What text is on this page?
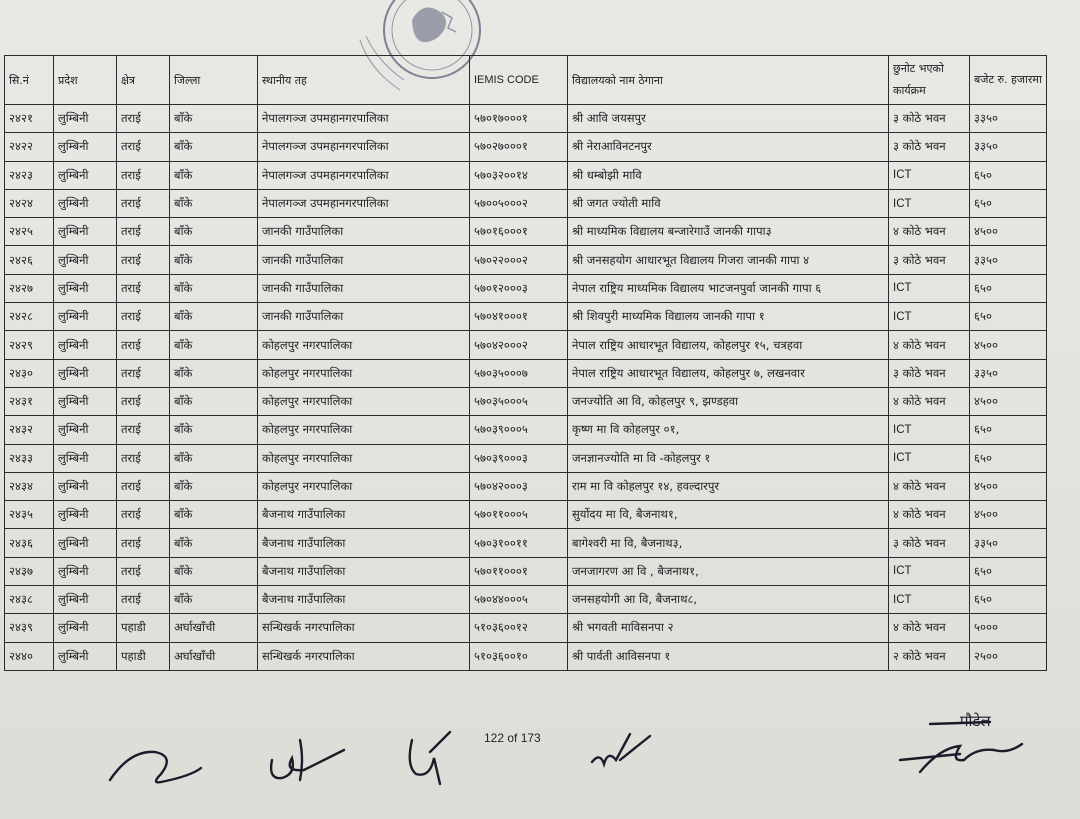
सि.नं	प्रदेश	क्षेत्र	जिल्ला	स्थानीय तह	IEMIS CODE	विद्यालयको नाम ठेगाना	छुनोट भएको कार्यक्रम	बजेट रु. हजारमा
२४२१	लुम्बिनी	तराई	बाँके	नेपालगञ्ज उपमहानगरपालिका	५७०१७०००१	श्री आवि जयसपुर	३ कोठे भवन	३३५०
२४२२	लुम्बिनी	तराई	बाँके	नेपालगञ्ज उपमहानगरपालिका	५७०२७०००१	श्री नेराआविनटनपुर	३ कोठे भवन	३३५०
२४२३	लुम्बिनी	तराई	बाँके	नेपालगञ्ज उपमहानगरपालिका	५७०३२००१४	श्री धम्बोझी मावि	ICT	६५०
२४२४	लुम्बिनी	तराई	बाँके	नेपालगञ्ज उपमहानगरपालिका	५७००५०००२	श्री जगत ज्योती मावि	ICT	६५०
२४२५	लुम्बिनी	तराई	बाँके	जानकी गाउँपालिका	५७०१६०००१	श्री माध्यमिक विद्यालय बन्जारेगाउँ जानकी गापा३	४ कोठे भवन	४५००
२४२६	लुम्बिनी	तराई	बाँके	जानकी गाउँपालिका	५७०२२०००२	श्री जनसहयोग आधारभूत विद्यालय गिजरा जानकी गापा ४	३ कोठे भवन	३३५०
२४२७	लुम्बिनी	तराई	बाँके	जानकी गाउँपालिका	५७०१२०००३	नेपाल राष्ट्रिय माध्यमिक विद्यालय भाटजनपुर्वा जानकी गापा ६	ICT	६५०
२४२८	लुम्बिनी	तराई	बाँके	जानकी गाउँपालिका	५७०४१०००१	श्री शिवपुरी माध्यमिक विद्यालय जानकी गापा १	ICT	६५०
२४२९	लुम्बिनी	तराई	बाँके	कोहलपुर नगरपालिका	५७०४२०००२	नेपाल राष्ट्रिय आधारभूत विद्यालय, कोहलपुर १५, चत्रहवा	४ कोठे भवन	४५००
२४३०	लुम्बिनी	तराई	बाँके	कोहलपुर नगरपालिका	५७०३५०००७	नेपाल राष्ट्रिय आधारभूत विद्यालय, कोहलपुर ७, लखनवार	३ कोठे भवन	३३५०
२४३१	लुम्बिनी	तराई	बाँके	कोहलपुर नगरपालिका	५७०३५०००५	जनज्योति आ वि, कोहलपुर ९, झण्डहवा	४ कोठे भवन	४५००
२४३२	लुम्बिनी	तराई	बाँके	कोहलपुर नगरपालिका	५७०३९०००५	कृष्ण मा वि कोहलपुर ०१,	ICT	६५०
२४३३	लुम्बिनी	तराई	बाँके	कोहलपुर नगरपालिका	५७०३९०००३	जनज्ञानज्योति मा वि -कोहलपुर १	ICT	६५०
२४३४	लुम्बिनी	तराई	बाँके	कोहलपुर नगरपालिका	५७०४२०००३	राम मा वि कोहलपुर १४, हवल्दारपुर	४ कोठे भवन	४५००
२४३५	लुम्बिनी	तराई	बाँके	बैजनाथ गाउँपालिका	५७०११०००५	सुर्योदय मा वि, बैजनाथ१,	४ कोठे भवन	४५००
२४३६	लुम्बिनी	तराई	बाँके	बैजनाथ गाउँपालिका	५७०३१००११	बागेश्वरी मा वि, बैजनाथ३,	३ कोठे भवन	३३५०
२४३७	लुम्बिनी	तराई	बाँके	बैजनाथ गाउँपालिका	५७०११०००१	जनजागरण आ वि , बैजनाथ१,	ICT	६५०
२४३८	लुम्बिनी	तराई	बाँके	बैजनाथ गाउँपालिका	५७०४४०००५	जनसहयोगी आ वि, बैजनाथ८,	ICT	६५०
२४३९	लुम्बिनी	पहाडी	अर्घाखाँची	सन्धिखर्क नगरपालिका	५१०३६००१२	श्री भगवती माविसनपा २	४ कोठे भवन	५०००
२४४०	लुम्बिनी	पहाडी	अर्घाखाँची	सन्धिखर्क नगरपालिका	५१०३६००१०	श्री पार्वती आविसनपा १	२ कोठे भवन	२५००
122 of 173
पौडेल
